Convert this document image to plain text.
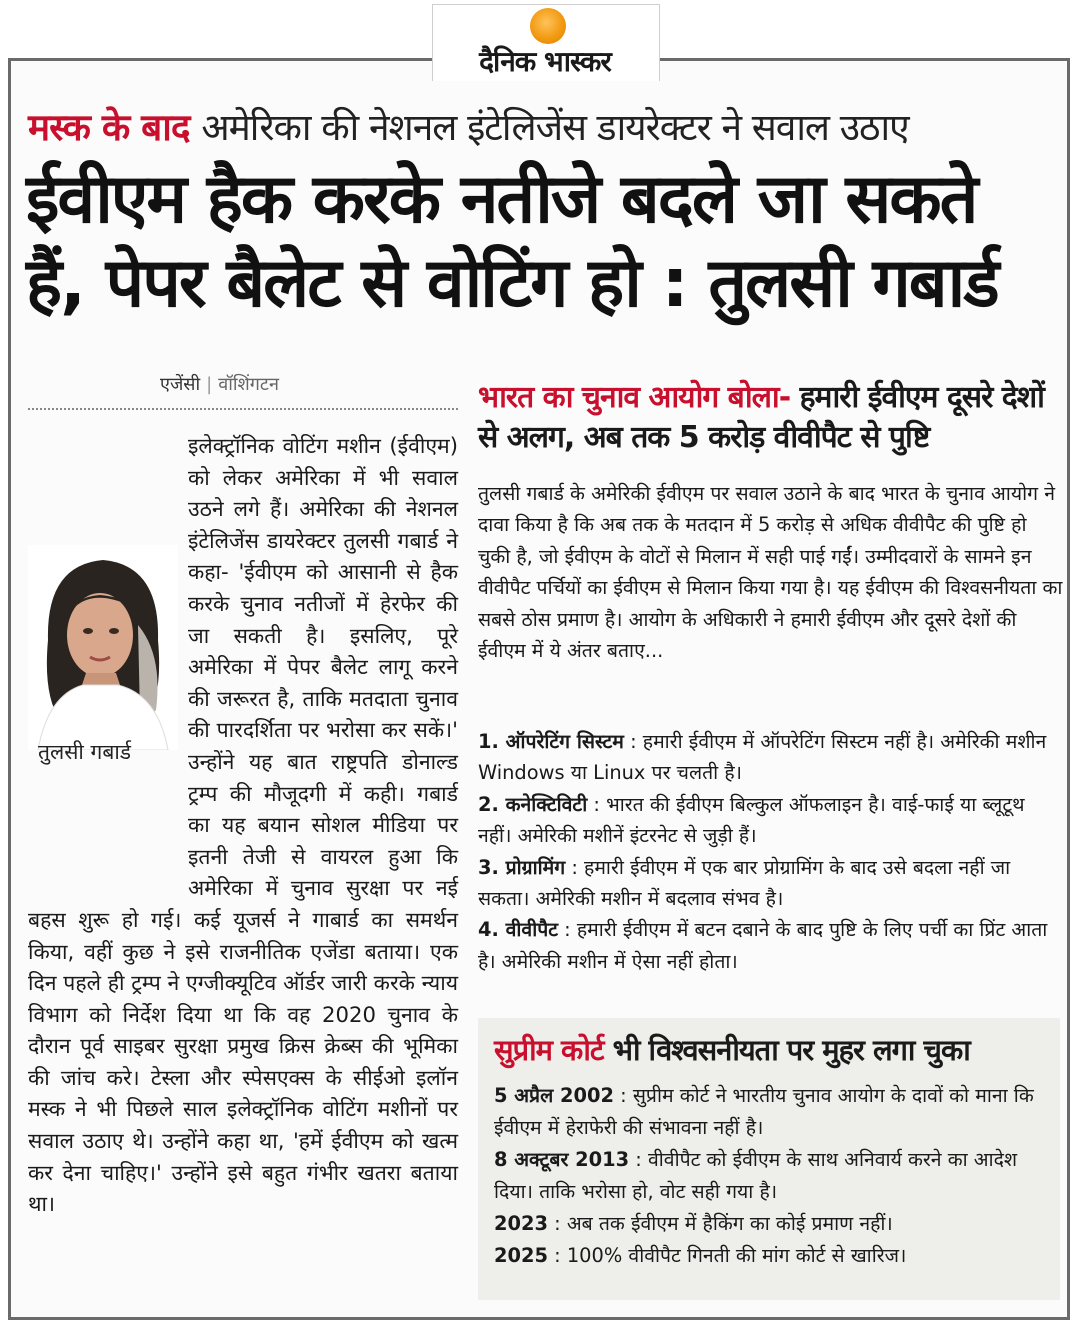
दैनिक भास्कर
मस्क के बाद अमेरिका की नेशनल इंटेलिजेंस डायरेक्टर ने सवाल उठाए
ईवीएम हैक करके नतीजे बदले जा सकते
हैं, पेपर बैलेट से वोटिंग हो : तुलसी गबार्ड
एजेंसी | वॉशिंगटन
इलेक्ट्रॉनिक वोटिंग मशीन (ईवीएम) को लेकर अमेरिका में भी सवाल उठने लगे हैं। अमेरिका की नेशनल इंटेलिजेंस डायरेक्टर तुलसी गबार्ड ने कहा- 'ईवीएम को आसानी से हैक करके चुनाव नतीजों में हेरफेर की जा सकती है। इसलिए, पूरे अमेरिका में पेपर बैलेट लागू करने की जरूरत है, ताकि मतदाता चुनाव की पारदर्शिता पर भरोसा कर सकें।' उन्होंने यह बात राष्ट्रपति डोनाल्ड ट्रम्प की मौजूदगी में कही। गबार्ड का यह बयान सोशल मीडिया पर इतनी तेजी से वायरल हुआ कि अमेरिका में चुनाव सुरक्षा पर नई बहस शुरू हो गई। कई यूजर्स ने गाबार्ड का समर्थन किया, वहीं कुछ ने इसे राजनीतिक एजेंडा बताया। एक दिन पहले ही ट्रम्प ने एग्जीक्यूटिव ऑर्डर जारी करके न्याय विभाग को निर्देश दिया था कि वह 2020 चुनाव के दौरान पूर्व साइबर सुरक्षा प्रमुख क्रिस क्रेब्स की भूमिका की जांच करे। टेस्ला और स्पेसएक्स के सीईओ इलॉन मस्क ने भी पिछले साल इलेक्ट्रॉनिक वोटिंग मशीनों पर सवाल उठाए थे। उन्होंने कहा था, 'हमें ईवीएम को खत्म कर देना चाहिए।' उन्होंने इसे बहुत गंभीर खतरा बताया था।
तुलसी गबार्ड
भारत का चुनाव आयोग बोला- हमारी ईवीएम दूसरे देशों से अलग, अब तक 5 करोड़ वीवीपैट से पुष्टि
तुलसी गबार्ड के अमेरिकी ईवीएम पर सवाल उठाने के बाद भारत के चुनाव आयोग ने दावा किया है कि अब तक के मतदान में 5 करोड़ से अधिक वीवीपैट की पुष्टि हो चुकी है, जो ईवीएम के वोटों से मिलान में सही पाई गईं। उम्मीदवारों के सामने इन वीवीपैट पर्चियों का ईवीएम से मिलान किया गया है। यह ईवीएम की विश्वसनीयता का सबसे ठोस प्रमाण है। आयोग के अधिकारी ने हमारी ईवीएम और दूसरे देशों की ईवीएम में ये अंतर बताए...
1. ऑपरेटिंग सिस्टम : हमारी ईवीएम में ऑपरेटिंग सिस्टम नहीं है। अमेरिकी मशीन Windows या Linux पर चलती है।
2. कनेक्टिविटी : भारत की ईवीएम बिल्कुल ऑफलाइन है। वाई-फाई या ब्लूटूथ नहीं। अमेरिकी मशीनें इंटरनेट से जुड़ी हैं।
3. प्रोग्रामिंग : हमारी ईवीएम में एक बार प्रोग्रामिंग के बाद उसे बदला नहीं जा सकता। अमेरिकी मशीन में बदलाव संभव है।
4. वीवीपैट : हमारी ईवीएम में बटन दबाने के बाद पुष्टि के लिए पर्ची का प्रिंट आता है। अमेरिकी मशीन में ऐसा नहीं होता।
सुप्रीम कोर्ट भी विश्वसनीयता पर मुहर लगा चुका
5 अप्रैल 2002 : सुप्रीम कोर्ट ने भारतीय चुनाव आयोग के दावों को माना कि ईवीएम में हेराफेरी की संभावना नहीं है।
8 अक्टूबर 2013 : वीवीपैट को ईवीएम के साथ अनिवार्य करने का आदेश दिया। ताकि भरोसा हो, वोट सही गया है।
2023 : अब तक ईवीएम में हैकिंग का कोई प्रमाण नहीं।
2025 : 100% वीवीपैट गिनती की मांग कोर्ट से खारिज।
